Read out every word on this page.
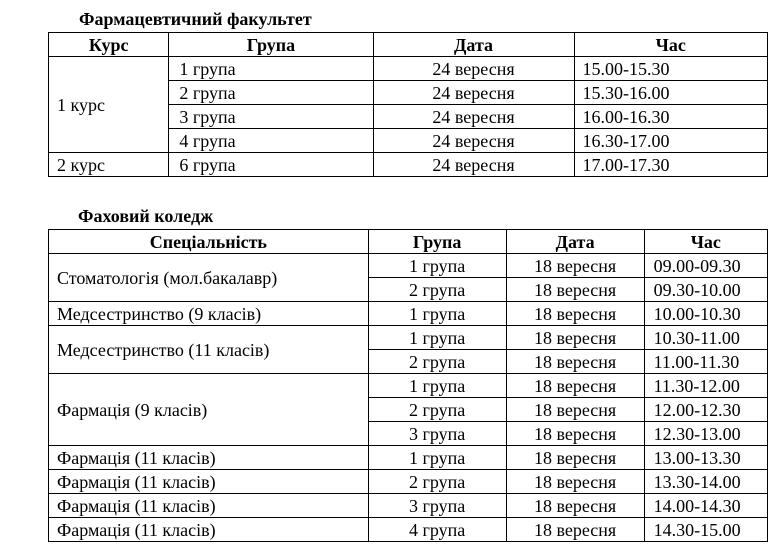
Фармацевтичний факультет
Курс	Група	Дата	Час
1 курс	1 група	24 вересня	15.00-15.30
	2 група	24 вересня	15.30-16.00
	3 група	24 вересня	16.00-16.30
	4 група	24 вересня	16.30-17.00
2 курс	6 група	24 вересня	17.00-17.30
Фаховий коледж
Спеціальність	Група	Дата	Час
Стоматологія (мол.бакалавр)	1 група	18 вересня	09.00-09.30
	2 група	18 вересня	09.30-10.00
Медсестринство (9 класів)	1 група	18 вересня	10.00-10.30
Медсестринство (11 класів)	1 група	18 вересня	10.30-11.00
	2 група	18 вересня	11.00-11.30
Фармація (9 класів)	1 група	18 вересня	11.30-12.00
	2 група	18 вересня	12.00-12.30
	3 група	18 вересня	12.30-13.00
Фармація (11 класів)	1 група	18 вересня	13.00-13.30
Фармація (11 класів)	2 група	18 вересня	13.30-14.00
Фармація (11 класів)	3 група	18 вересня	14.00-14.30
Фармація (11 класів)	4 група	18 вересня	14.30-15.00
